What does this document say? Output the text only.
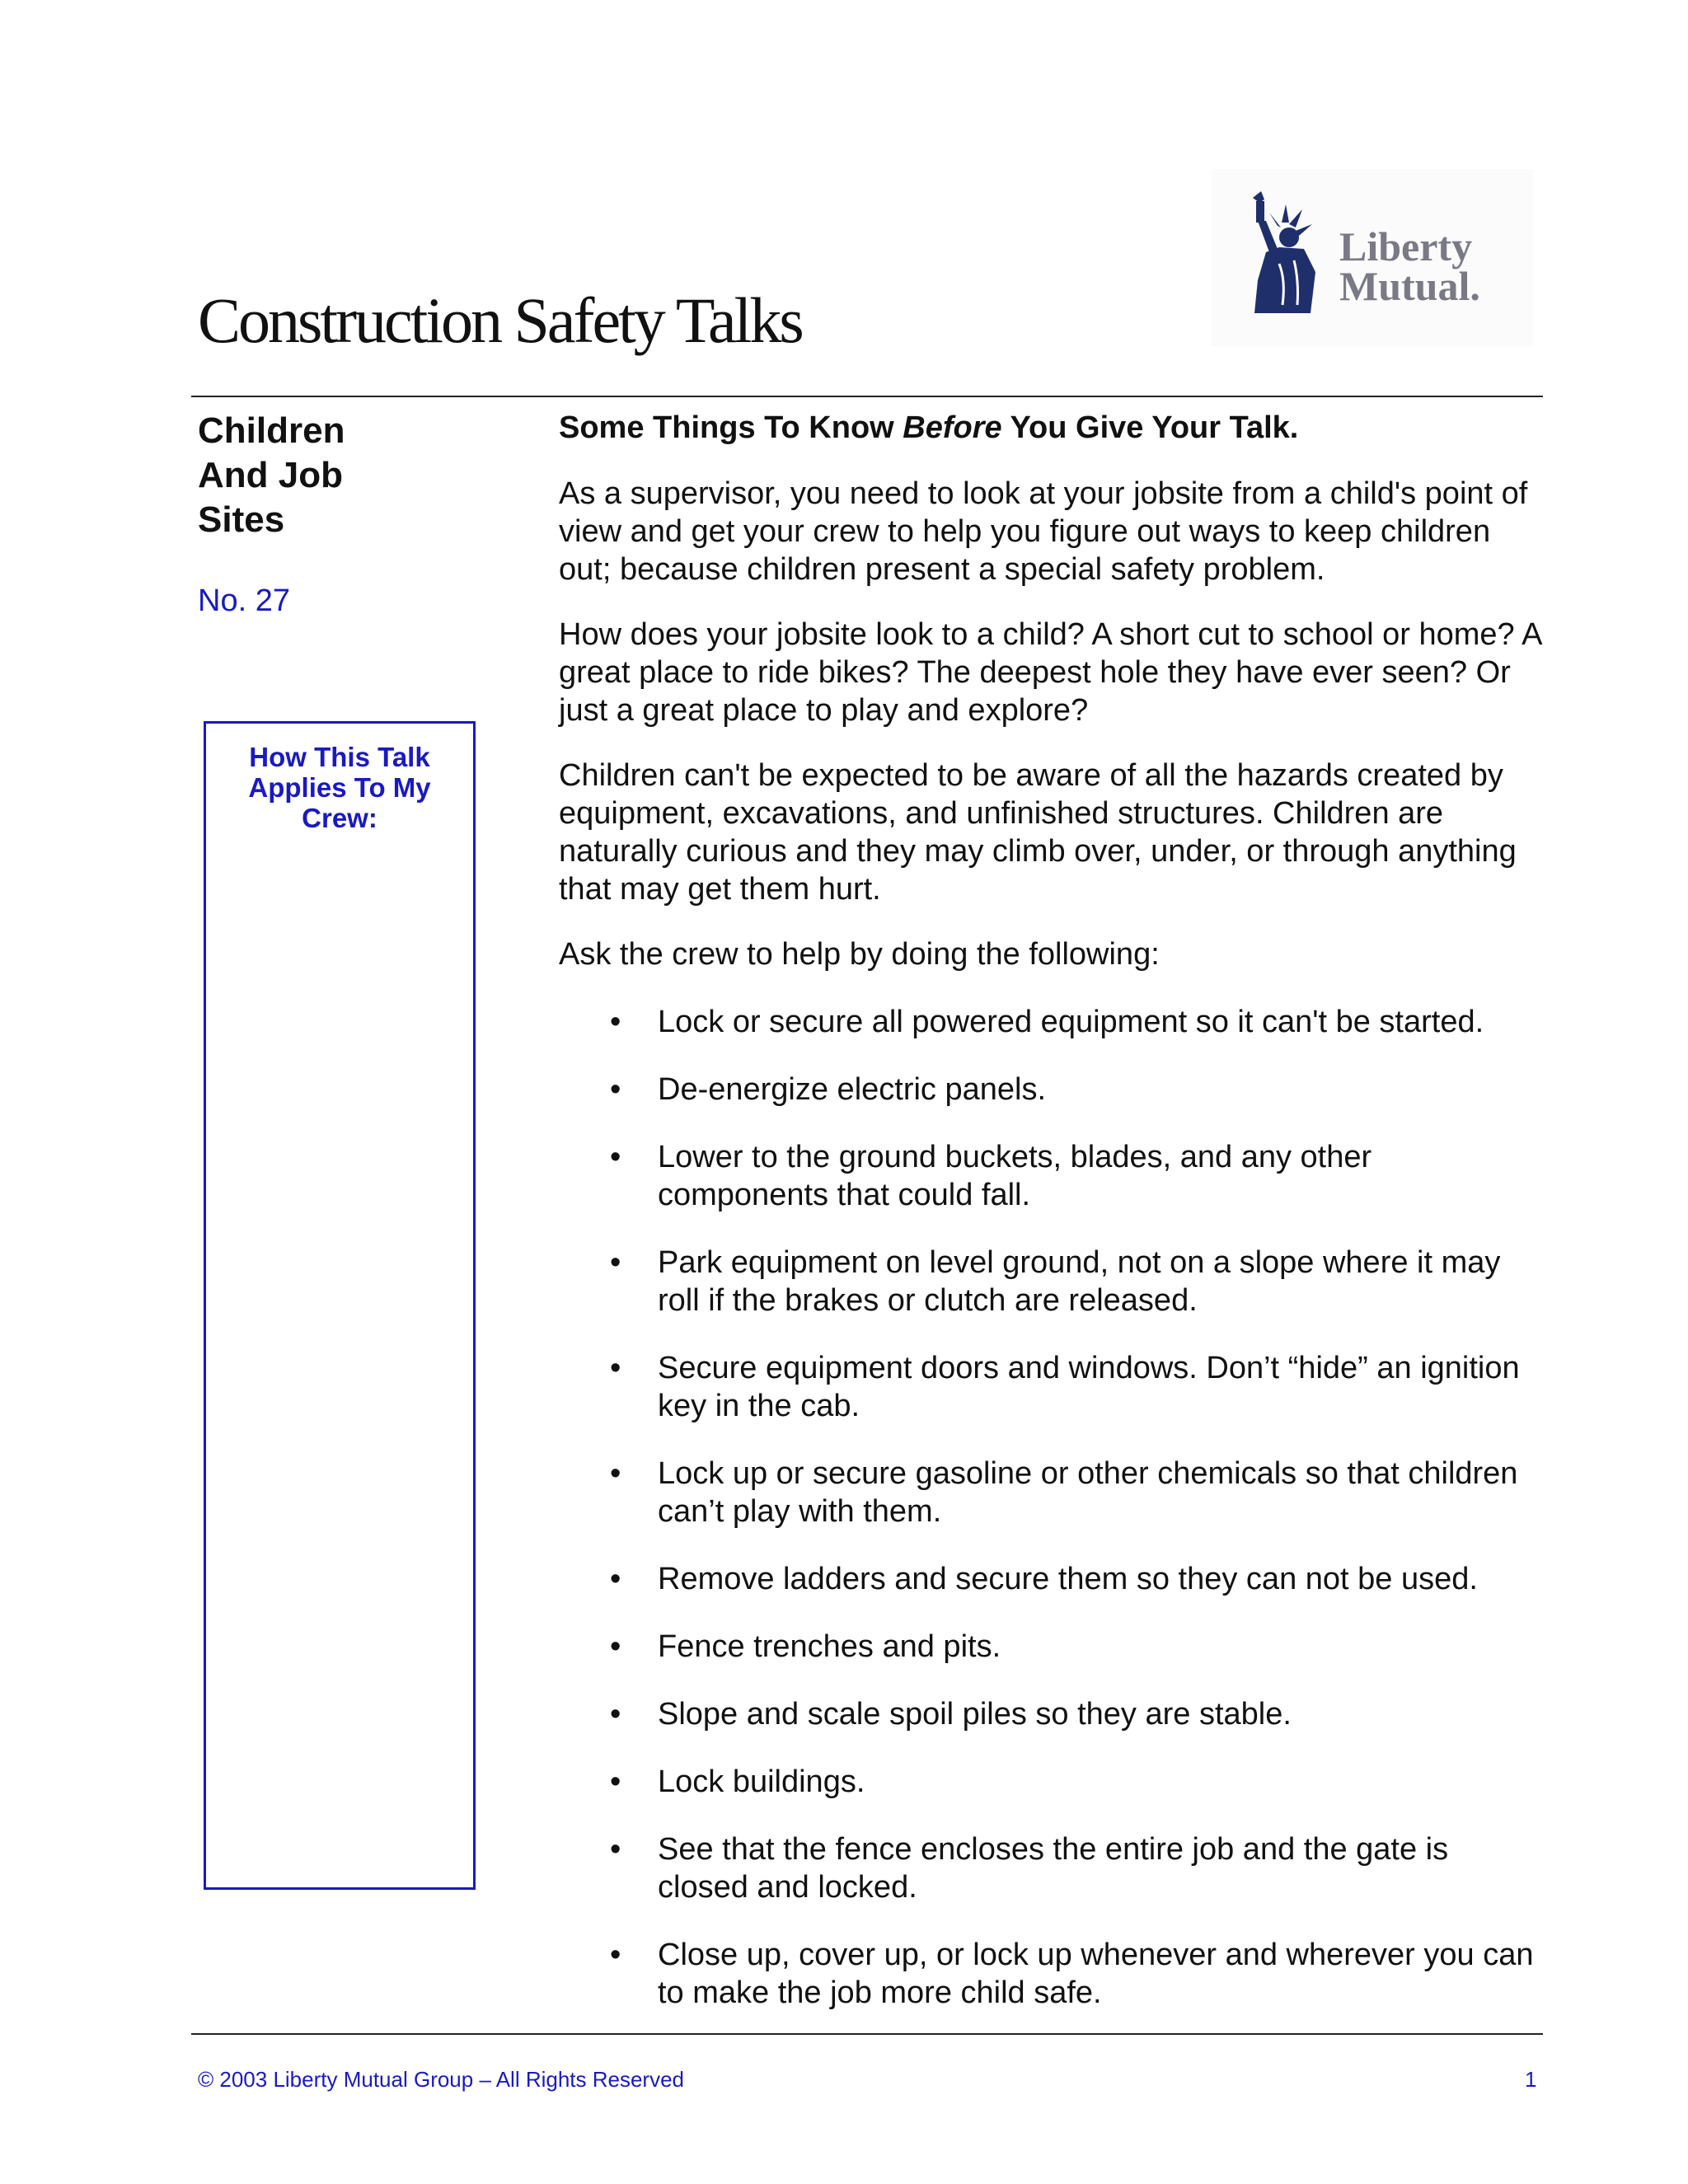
Construction Safety Talks
Liberty
Mutual.
Children
And Job
Sites
No. 27
How This Talk Applies To My Crew:

Some Things To Know Before You Give Your Talk.

As a supervisor, you need to look at your jobsite from a child's point of view and get your crew to help you figure out ways to keep children out; because children present a special safety problem.

How does your jobsite look to a child? A short cut to school or home? A great place to ride bikes? The deepest hole they have ever seen? Or just a great place to play and explore?

Children can't be expected to be aware of all the hazards created by equipment, excavations, and unfinished structures. Children are naturally curious and they may climb over, under, or through anything that may get them hurt.

Ask the crew to help by doing the following:

• Lock or secure all powered equipment so it can't be started.
• De-energize electric panels.
• Lower to the ground buckets, blades, and any other components that could fall.
• Park equipment on level ground, not on a slope where it may roll if the brakes or clutch are released.
• Secure equipment doors and windows. Don’t “hide” an ignition key in the cab.
• Lock up or secure gasoline or other chemicals so that children can’t play with them.
• Remove ladders and secure them so they can not be used.
• Fence trenches and pits.
• Slope and scale spoil piles so they are stable.
• Lock buildings.
• See that the fence encloses the entire job and the gate is closed and locked.
• Close up, cover up, or lock up whenever and wherever you can to make the job more child safe.
© 2003 Liberty Mutual Group – All Rights Reserved	1
